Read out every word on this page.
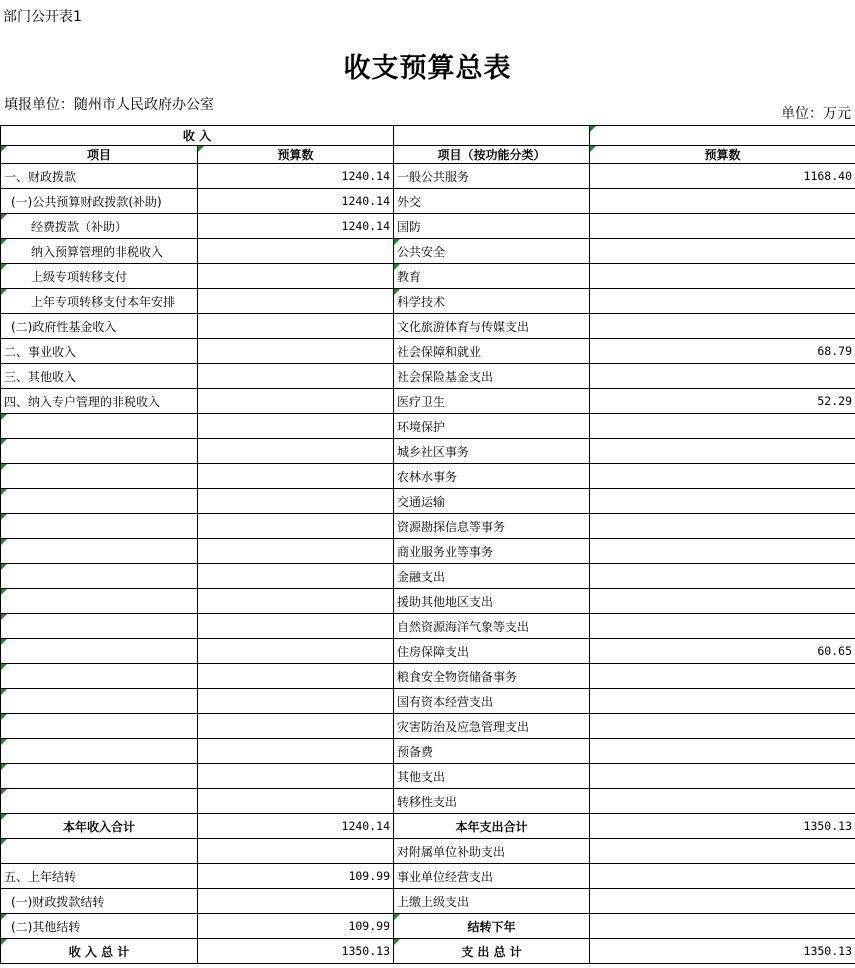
部门公开表1
收支预算总表
填报单位：随州市人民政府办公室
单位：万元
收 入			

项目	预算数	项目（按功能分类）	预算数
一、财政拨款	1240.14	一般公共服务	1168.40
(一)公共预算财政拨款(补助)	1240.14	外交	

经费拨款（补助）	1240.14	国防	

纳入预算管理的非税收入		公共安全	

上级专项转移支付		教育	

上年专项转移支付本年安排		科学技术	
(二)政府性基金收入		文化旅游体育与传媒支出	
二、事业收入		社会保障和就业	68.79
三、其他收入		社会保险基金支出	
四、纳入专户管理的非税收入		医疗卫生	52.29

		环境保护	

		城乡社区事务	

		农林水事务	

		交通运输	

		资源勘探信息等事务	

		商业服务业等事务	

		金融支出	

		援助其他地区支出	

		自然资源海洋气象等支出	

		住房保障支出	60.65

		粮食安全物资储备事务	

		国有资本经营支出	

		灾害防治及应急管理支出	

		预备费	

		其他支出	

		转移性支出	

本年收入合计	1240.14	本年支出合计	1350.13

		对附属单位补助支出	
五、上年结转	109.99	事业单位经营支出	
(一)财政拨款结转		上缴上级支出	

(二)其他结转	109.99	结转下年	

收 入 总 计	1350.13	支 出 总 计	1350.13
